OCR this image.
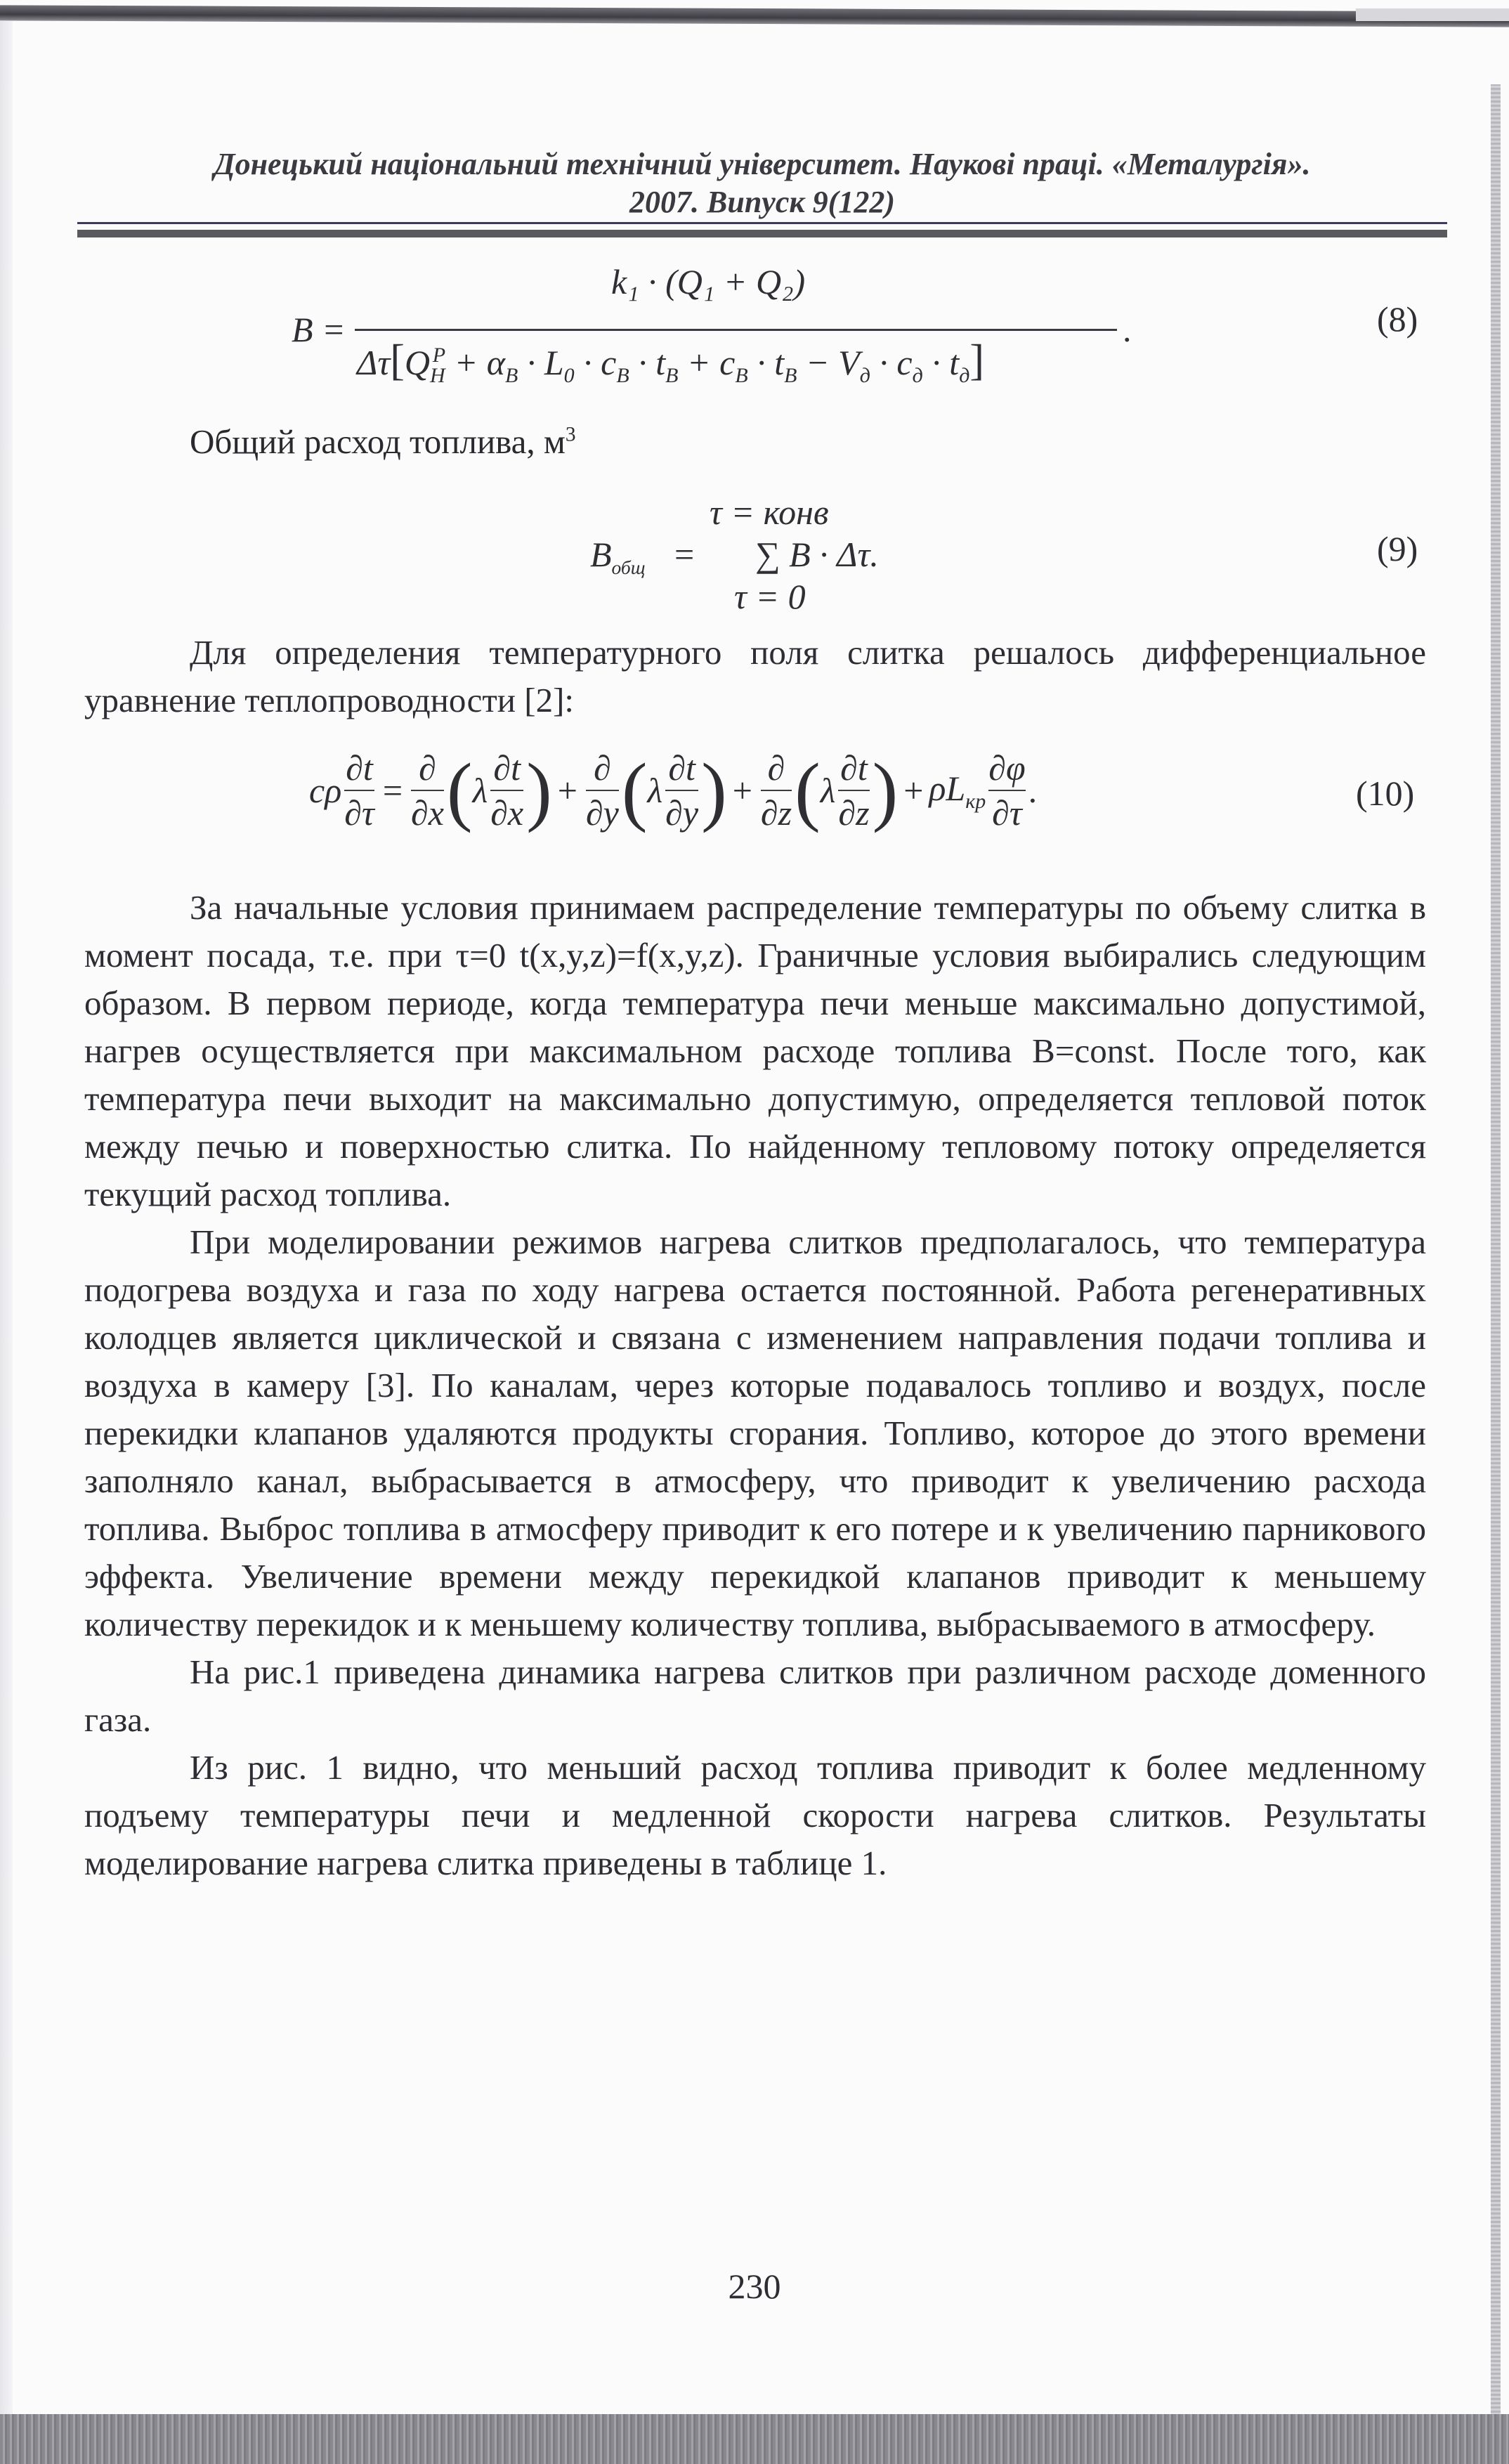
Донецький національний технічний університет. Наукові праці. «Металургія».
2007. Випуск 9(122)
B =
k₁ · (Q₁ + Q₂)
$\Delta\tau[Q_H^P + \alpha_B \cdot L_0 \cdot c_B \cdot t_B + c_B \cdot t_B - V_д \cdot c_д \cdot t_д]$
.	(8)
Общий расход топлива, $м^3$
τ = конв
$B_{общ}$ = ∑ B · Δτ.
τ = 0
(9)

Для определения температурного поля слитка решалось дифференциальное уравнение теплопроводности [2]:

cρ
∂t
∂τ
=
∂
∂x ( λ
∂t
∂x ) +
∂
∂y ( λ
∂t
∂y ) +
∂
∂z ( λ
∂t
∂z ) + $\rho L_{кр}$
∂φ
∂τ
.	(10)

За начальные условия принимаем распределение температуры по объему слитка в момент посада, т.е. при τ=0 t(x,y,z)=f(x,y,z). Граничные условия выбирались следующим образом. В первом периоде, когда температура печи меньше максимально допустимой, нагрев осуществляется при максимальном расходе топлива B=const. После того, как температура печи выходит на максимально допустимую, определяется тепловой поток между печью и поверхностью слитка. По найденному тепловому потоку определяется текущий расход топлива.

При моделировании режимов нагрева слитков предполагалось, что температура подогрева воздуха и газа по ходу нагрева остается постоянной. Работа регенеративных колодцев является циклической и связана с изменением направления подачи топлива и воздуха в камеру [3]. По каналам, через которые подавалось топливо и воздух, после перекидки клапанов удаляются продукты сгорания. Топливо, которое до этого времени заполняло канал, выбрасывается в атмосферу, что приводит к увеличению расхода топлива. Выброс топлива в атмосферу приводит к его потере и к увеличению парникового эффекта. Увеличение времени между перекидкой клапанов приводит к меньшему количеству перекидок и к меньшему количеству топлива, выбрасываемого в атмосферу.

На рис.1 приведена динамика нагрева слитков при различном расходе доменного газа.

Из рис. 1 видно, что меньший расход топлива приводит к более медленному подъему температуры печи и медленной скорости нагрева слитков. Результаты моделирование нагрева слитка приведены в таблице 1.

230
